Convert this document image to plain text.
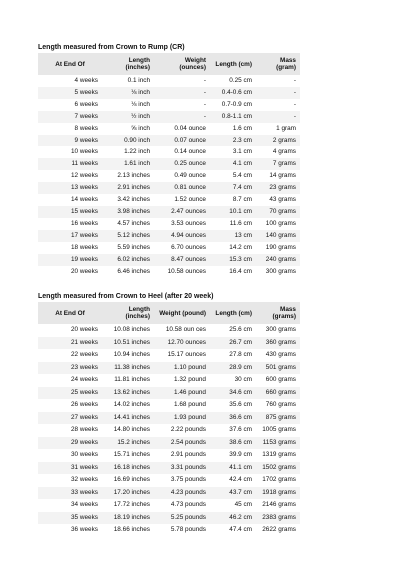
Length measured from Crown to Rump (CR)
At End Of	Length (inches)	Weight (ounces)	Length (cm)	Mass (gram)
4 weeks	0.1 inch	-	0.25 cm	-
5 weeks	⅛ inch	-	0.4-0.6 cm	-
6 weeks	⅛ inch	-	0.7-0.9 cm	-
7 weeks	½ inch	-	0.8-1.1 cm	-
8 weeks	⅝ inch	0.04 ounce	1.6 cm	1 gram
9 weeks	0.90 inch	0.07 ounce	2.3 cm	2 grams
10 weeks	1.22 inch	0.14 ounce	3.1 cm	4 grams
11 weeks	1.61 inch	0.25 ounce	4.1 cm	7 grams
12 weeks	2.13 inches	0.49 ounce	5.4 cm	14 grams
13 weeks	2.91 inches	0.81 ounce	7.4 cm	23 grams
14 weeks	3.42 inches	1.52 ounce	8.7 cm	43 grams
15 weeks	3.98 inches	2.47 ounces	10.1 cm	70 grams
16 weeks	4.57 inches	3.53 ounces	11.6 cm	100 grams
17 weeks	5.12 inches	4.94 ounces	13 cm	140 grams
18 weeks	5.59 inches	6.70 ounces	14.2 cm	190 grams
19 weeks	6.02 inches	8.47 ounces	15.3 cm	240 grams
20 weeks	6.46 inches	10.58 ounces	16.4 cm	300 grams
Length measured from Crown to Heel (after 20 week)
At End Of	Length (inches)	Weight (pound)	Length (cm)	Mass (grams)
20 weeks	10.08 inches	10.58 oun ces	25.6 cm	300 grams
21 weeks	10.51 inches	12.70 ounces	26.7 cm	360 grams
22 weeks	10.94 inches	15.17 ounces	27.8 cm	430 grams
23 weeks	11.38 inches	1.10 pound	28.9 cm	501 grams
24 weeks	11.81 inches	1.32 pound	30 cm	600 grams
25 weeks	13.62 inches	1.46 pound	34.6 cm	660 grams
26 weeks	14.02 inches	1.68 pound	35.6 cm	760 grams
27 weeks	14.41 inches	1.93 pound	36.6 cm	875 grams
28 weeks	14.80 inches	2.22 pounds	37.6 cm	1005 grams
29 weeks	15.2 inches	2.54 pounds	38.6 cm	1153 grams
30 weeks	15.71 inches	2.91 pounds	39.9 cm	1319 grams
31 weeks	16.18 inches	3.31 pounds	41.1 cm	1502 grams
32 weeks	16.69 inches	3.75 pounds	42.4 cm	1702 grams
33 weeks	17.20 inches	4.23 pounds	43.7 cm	1918 grams
34 weeks	17.72 inches	4.73 pounds	45 cm	2146 grams
35 weeks	18.19 inches	5.25 pounds	46.2 cm	2383 grams
36 weeks	18.66 inches	5.78 pounds	47.4 cm	2622 grams
